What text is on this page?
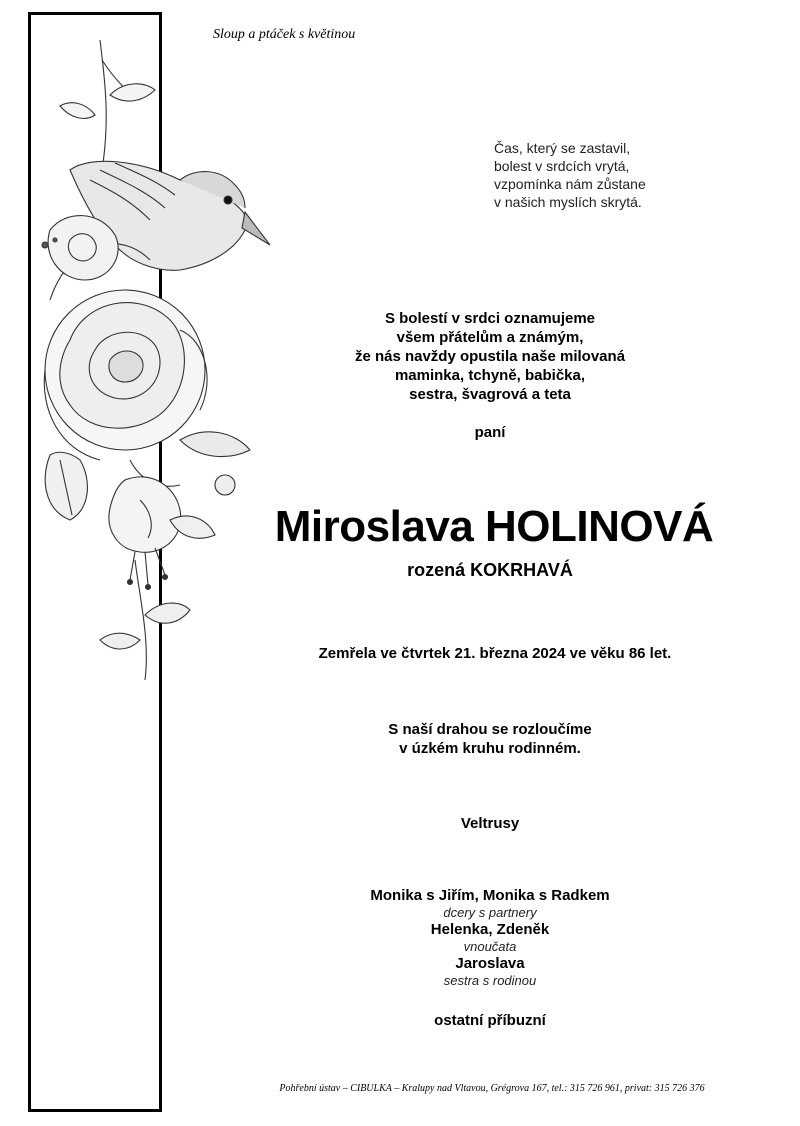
Sloup a ptáček s květinou
Čas, který se zastavil,
bolest v srdcích vrytá,
vzpomínka nám zůstane
v našich myslích skrytá.
S bolestí v srdci oznamujeme
všem přátelům a známým,
že nás navždy opustila naše milovaná
maminka, tchyně, babička,
sestra, švagrová a teta
paní
Miroslava HOLINOVÁ
rozená KOKRHAVÁ
Zemřela ve čtvrtek 21. března 2024 ve věku 86 let.
S naší drahou se rozloučíme
v úzkém kruhu rodinném.
Veltrusy
Monika s Jiřím, Monika s Radkem
dcery s partnery
Helenka, Zdeněk
vnoučata
Jaroslava
sestra s rodinou
ostatní příbuzní
Pohřební ústav – CIBULKA – Kralupy nad Vltavou, Grégrova 167, tel.: 315 726 961, privat: 315 726 376
